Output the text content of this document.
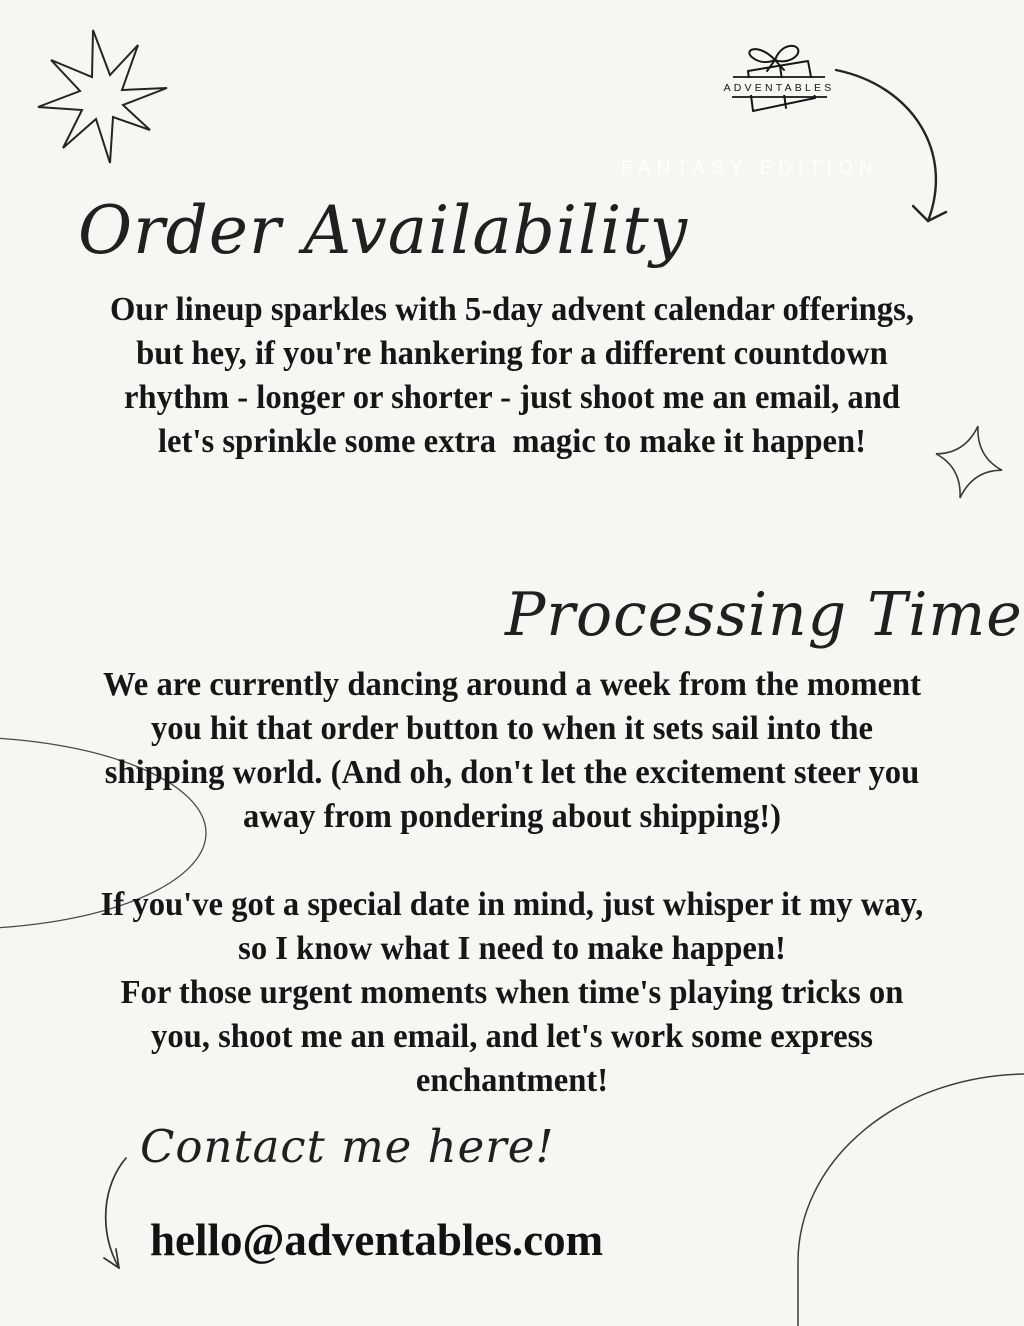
ADVENTABLES
FANTASY EDITION
Order Availability
Our lineup sparkles with 5-day advent calendar offerings,
but hey, if you're hankering for a different countdown
rhythm - longer or shorter - just shoot me an email, and
let's sprinkle some extra  magic to make it happen!
Processing Time
We are currently dancing around a week from the moment
you hit that order button to when it sets sail into the
shipping world. (And oh, don't let the excitement steer you
away from pondering about shipping!)
If you've got a special date in mind, just whisper it my way,
so I know what I need to make happen!
For those urgent moments when time's playing tricks on
you, shoot me an email, and let's work some express
enchantment!
Contact me here!
hello@adventables.com
